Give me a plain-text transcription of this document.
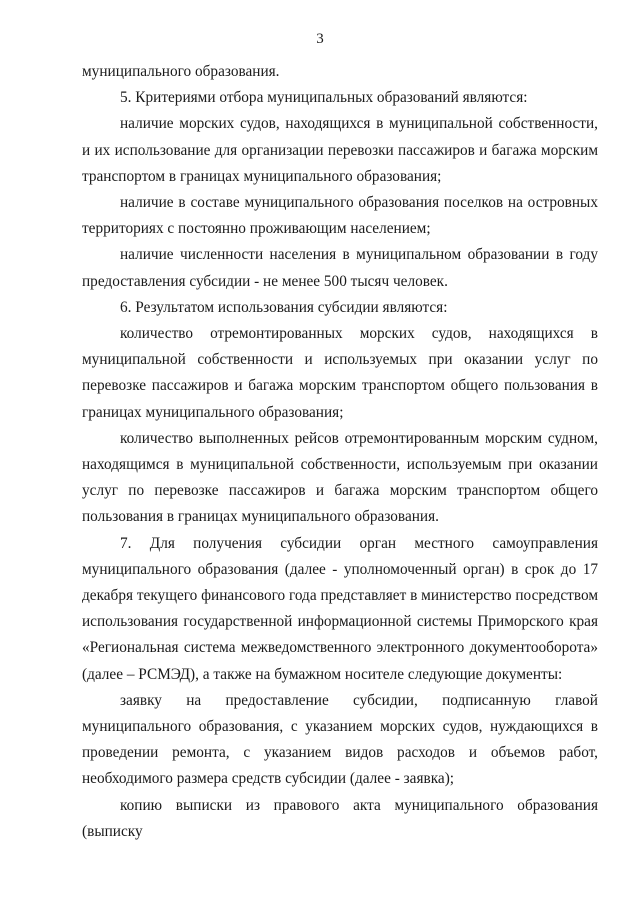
3

муниципального образования.

5. Критериями отбора муниципальных образований являются:

наличие морских судов, находящихся в муниципальной собственности, и их использование для организации перевозки пассажиров и багажа морским транспортом в границах муниципального образования;

наличие в составе муниципального образования поселков на островных территориях с постоянно проживающим населением;

наличие численности населения в муниципальном образовании в году предоставления субсидии - не менее 500 тысяч человек.

6. Результатом использования субсидии являются:

количество отремонтированных морских судов, находящихся в муниципальной собственности и используемых при оказании услуг по перевозке пассажиров и багажа морским транспортом общего пользования в границах муниципального образования;

количество выполненных рейсов отремонтированным морским судном, находящимся в муниципальной собственности, используемым при оказании услуг по перевозке пассажиров и багажа морским транспортом общего пользования в границах муниципального образования.

7. Для получения субсидии орган местного самоуправления муниципального образования (далее - уполномоченный орган) в срок до 17 декабря текущего финансового года представляет в министерство посредством использования государственной информационной системы Приморского края «Региональная система межведомственного электронного документооборота» (далее – РСМЭД), а также на бумажном носителе следующие документы:

заявку на предоставление субсидии, подписанную главой муниципального образования, с указанием морских судов, нуждающихся в проведении ремонта, с указанием видов расходов и объемов работ, необходимого размера средств субсидии (далее - заявка);

копию выписки из правового акта муниципального образования (выписку
